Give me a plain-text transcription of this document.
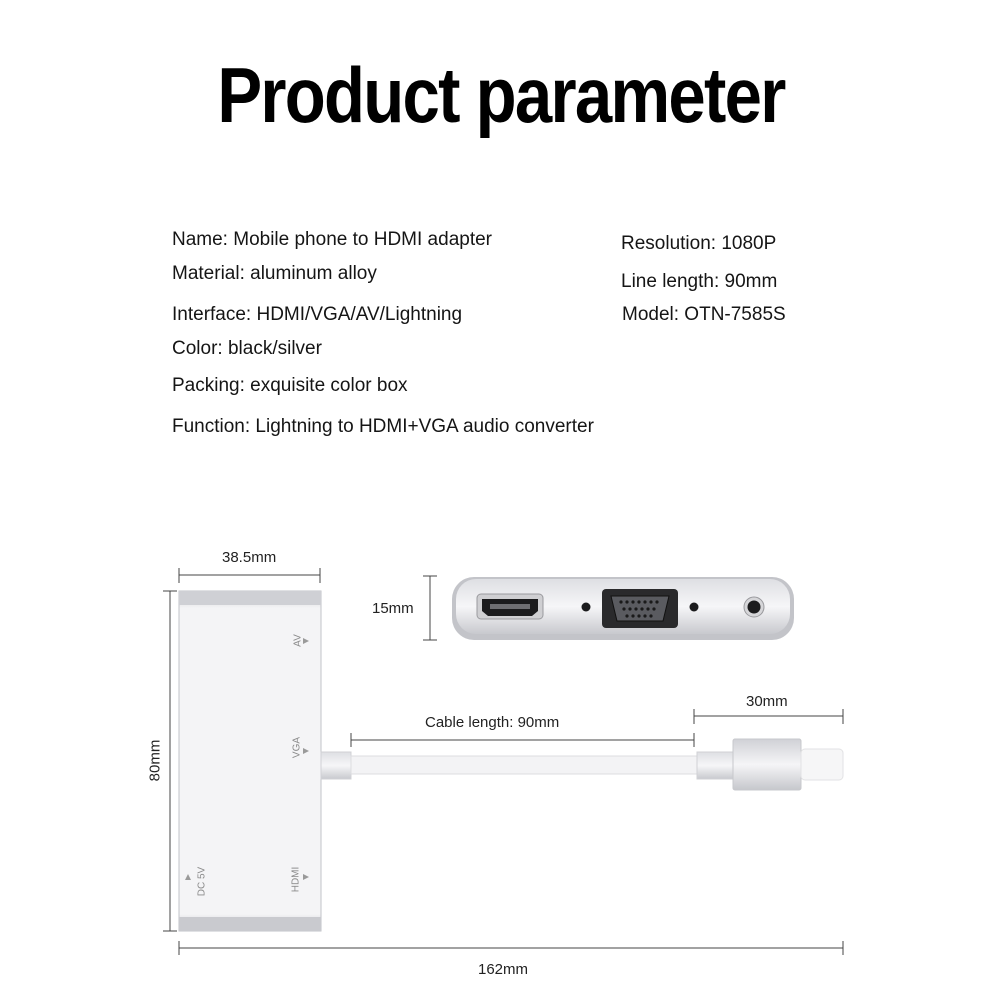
Product parameter
Name: Mobile phone to HDMI adapter
Material: aluminum alloy
Interface: HDMI/VGA/AV/Lightning
Color: black/silver
Packing: exquisite color box
Function: Lightning to HDMI+VGA audio converter
Resolution: 1080P
Line length: 90mm
Model: OTN-7585S
38.5mm
80mm
15mm
Cable length: 90mm
30mm
162mm
AV
VGA
HDMI
DC 5V
